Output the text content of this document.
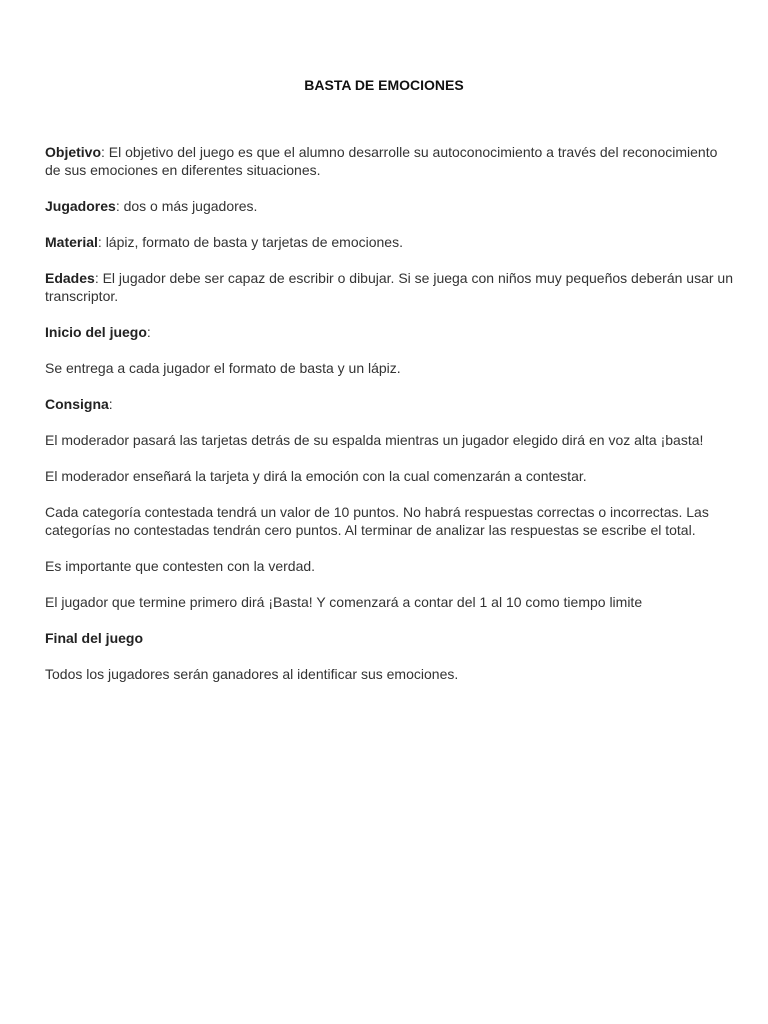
BASTA DE EMOCIONES

Objetivo: El objetivo del juego es que el alumno desarrolle su autoconocimiento a través del reconocimiento de sus emociones en diferentes situaciones.

Jugadores: dos o más jugadores.

Material: lápiz, formato de basta y tarjetas de emociones.

Edades: El jugador debe ser capaz de escribir o dibujar. Si se juega con niños muy pequeños deberán usar un transcriptor.

Inicio del juego:

Se entrega a cada jugador el formato de basta y un lápiz.

Consigna:

El moderador pasará las tarjetas detrás de su espalda mientras un jugador elegido dirá en voz alta ¡basta!

El moderador enseñará la tarjeta y dirá la emoción con la cual comenzarán a contestar.

Cada categoría contestada tendrá un valor de 10 puntos. No habrá respuestas correctas o incorrectas. Las categorías no contestadas tendrán cero puntos. Al terminar de analizar las respuestas se escribe el total.

Es importante que contesten con la verdad.

El jugador que termine primero dirá ¡Basta! Y comenzará a contar del 1 al 10 como tiempo limite

Final del juego

Todos los jugadores serán ganadores al identificar sus emociones.
